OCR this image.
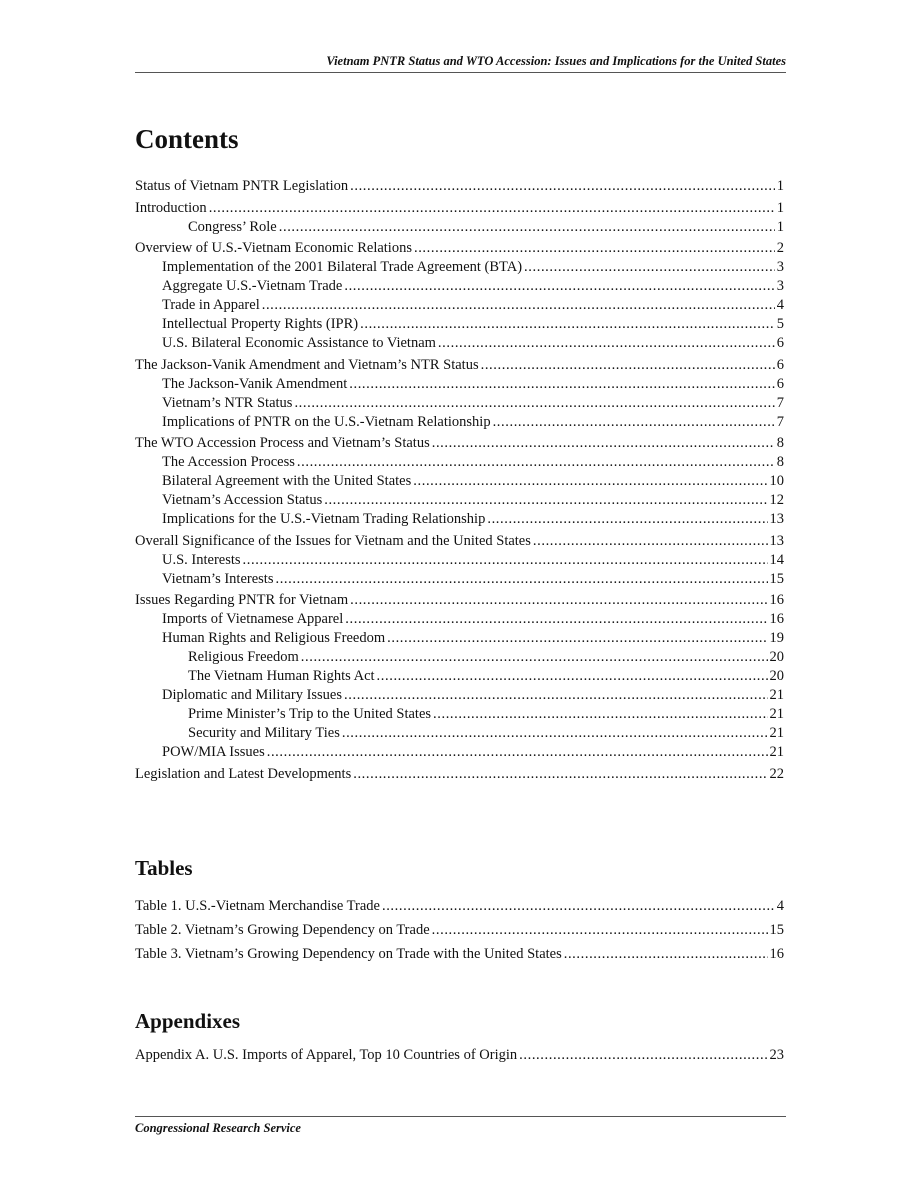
Vietnam PNTR Status and WTO Accession: Issues and Implications for the United States
Contents
Status of Vietnam PNTR Legislation .....	1
Introduction .....	1
Congress’ Role .....	1
Overview of U.S.-Vietnam Economic Relations .....	2
Implementation of the 2001 Bilateral Trade Agreement (BTA) .....	3
Aggregate U.S.-Vietnam Trade .....	3
Trade in Apparel .....	4
Intellectual Property Rights (IPR) .....	5
U.S. Bilateral Economic Assistance to Vietnam .....	6
The Jackson-Vanik Amendment and Vietnam’s NTR Status .....	6
The Jackson-Vanik Amendment .....	6
Vietnam’s NTR Status .....	7
Implications of PNTR on the U.S.-Vietnam Relationship .....	7
The WTO Accession Process and Vietnam’s Status .....	8
The Accession Process .....	8
Bilateral Agreement with the United States .....	10
Vietnam’s Accession Status .....	12
Implications for the U.S.-Vietnam Trading Relationship .....	13
Overall Significance of the Issues for Vietnam and the United States .....	13
U.S. Interests .....	14
Vietnam’s Interests .....	15
Issues Regarding PNTR for Vietnam .....	16
Imports of Vietnamese Apparel .....	16
Human Rights and Religious Freedom .....	19
Religious Freedom .....	20
The Vietnam Human Rights Act .....	20
Diplomatic and Military Issues .....	21
Prime Minister’s Trip to the United States .....	21
Security and Military Ties .....	21
POW/MIA Issues .....	21
Legislation and Latest Developments .....	22
Tables
Table 1. U.S.-Vietnam Merchandise Trade .....	4
Table 2. Vietnam’s Growing Dependency on Trade .....	15
Table 3. Vietnam’s Growing Dependency on Trade with the United States .....	16
Appendixes
Appendix A. U.S. Imports of Apparel, Top 10 Countries of Origin .....	23
Congressional Research Service
